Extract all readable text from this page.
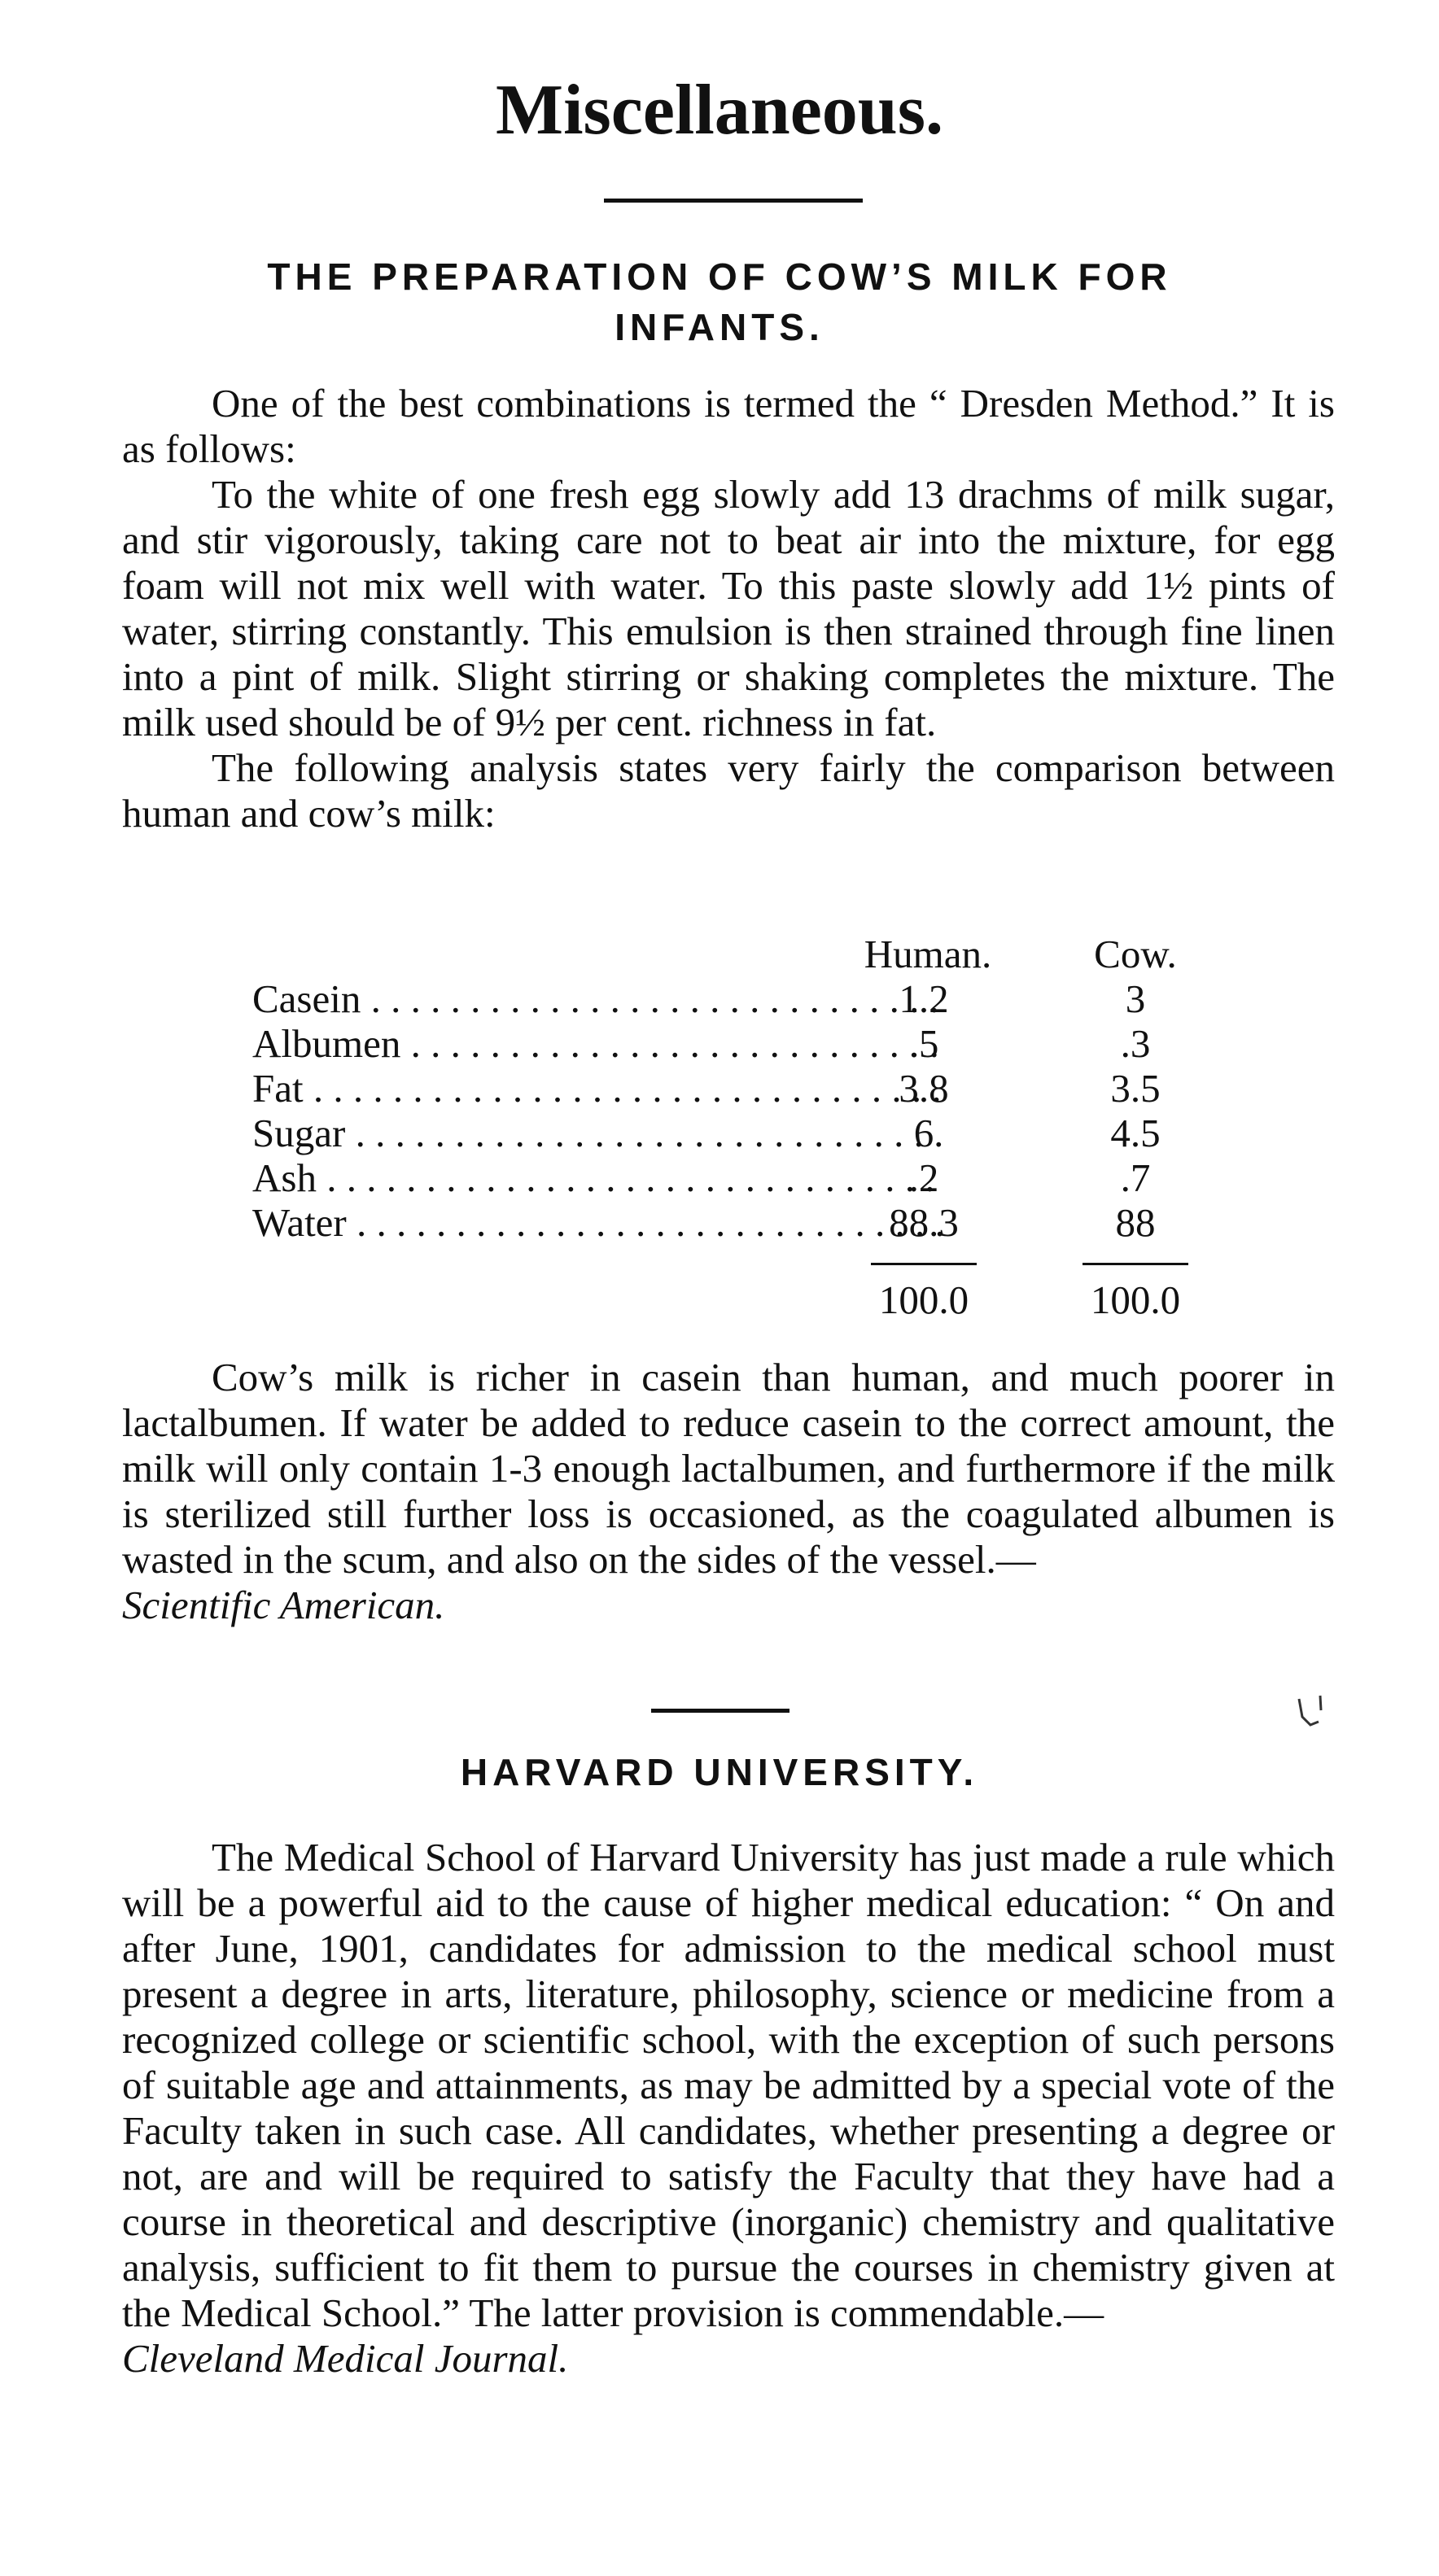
Miscellaneous.
THE PREPARATION OF COW’S MILK FOR
INFANTS.

One of the best combinations is termed the “ Dresden Method.” It is as follows:

To the white of one fresh egg slowly add 13 drachms of milk sugar, and stir vigorously, taking care not to beat air into the mixture, for egg foam will not mix well with water. To this paste slowly add 1½ pints of water, stirring constantly. This emulsion is then strained through fine linen into a pint of milk. Slight stirring or shaking completes the mixture. The milk used should be of 9½ per cent. richness in fat.

The following analysis states very fairly the comparison between human and cow’s milk:

Human.	Cow.
Casein . . .	1.2	3
Albumen . . .	.5	.3
Fat . . .	3.8	3.5
Sugar . . .	6	4.5
Ash . . .	.2	.7
Water . . .	88.3	88
100.0	100.0

Cow’s milk is richer in casein than human, and much poorer in lactalbumen. If water be added to reduce casein to the correct amount, the milk will only contain 1-3 enough lactalbumen, and furthermore if the milk is sterilized still further loss is occasioned, as the coagulated albumen is wasted in the scum, and also on the sides of the vessel.—

Scientific American.
HARVARD UNIVERSITY.

The Medical School of Harvard University has just made a rule which will be a powerful aid to the cause of higher medical education: “ On and after June, 1901, candidates for admission to the medical school must present a degree in arts, literature, philosophy, science or medicine from a recognized college or scientific school, with the exception of such persons of suitable age and attainments, as may be admitted by a special vote of the Faculty taken in such case. All candidates, whether presenting a degree or not, are and will be required to satisfy the Faculty that they have had a course in theoretical and descriptive (inorganic) chemistry and qualitative analysis, sufficient to fit them to pursue the courses in chemistry given at the Medical School.” The latter provision is commendable.—

Cleveland Medical Journal.
